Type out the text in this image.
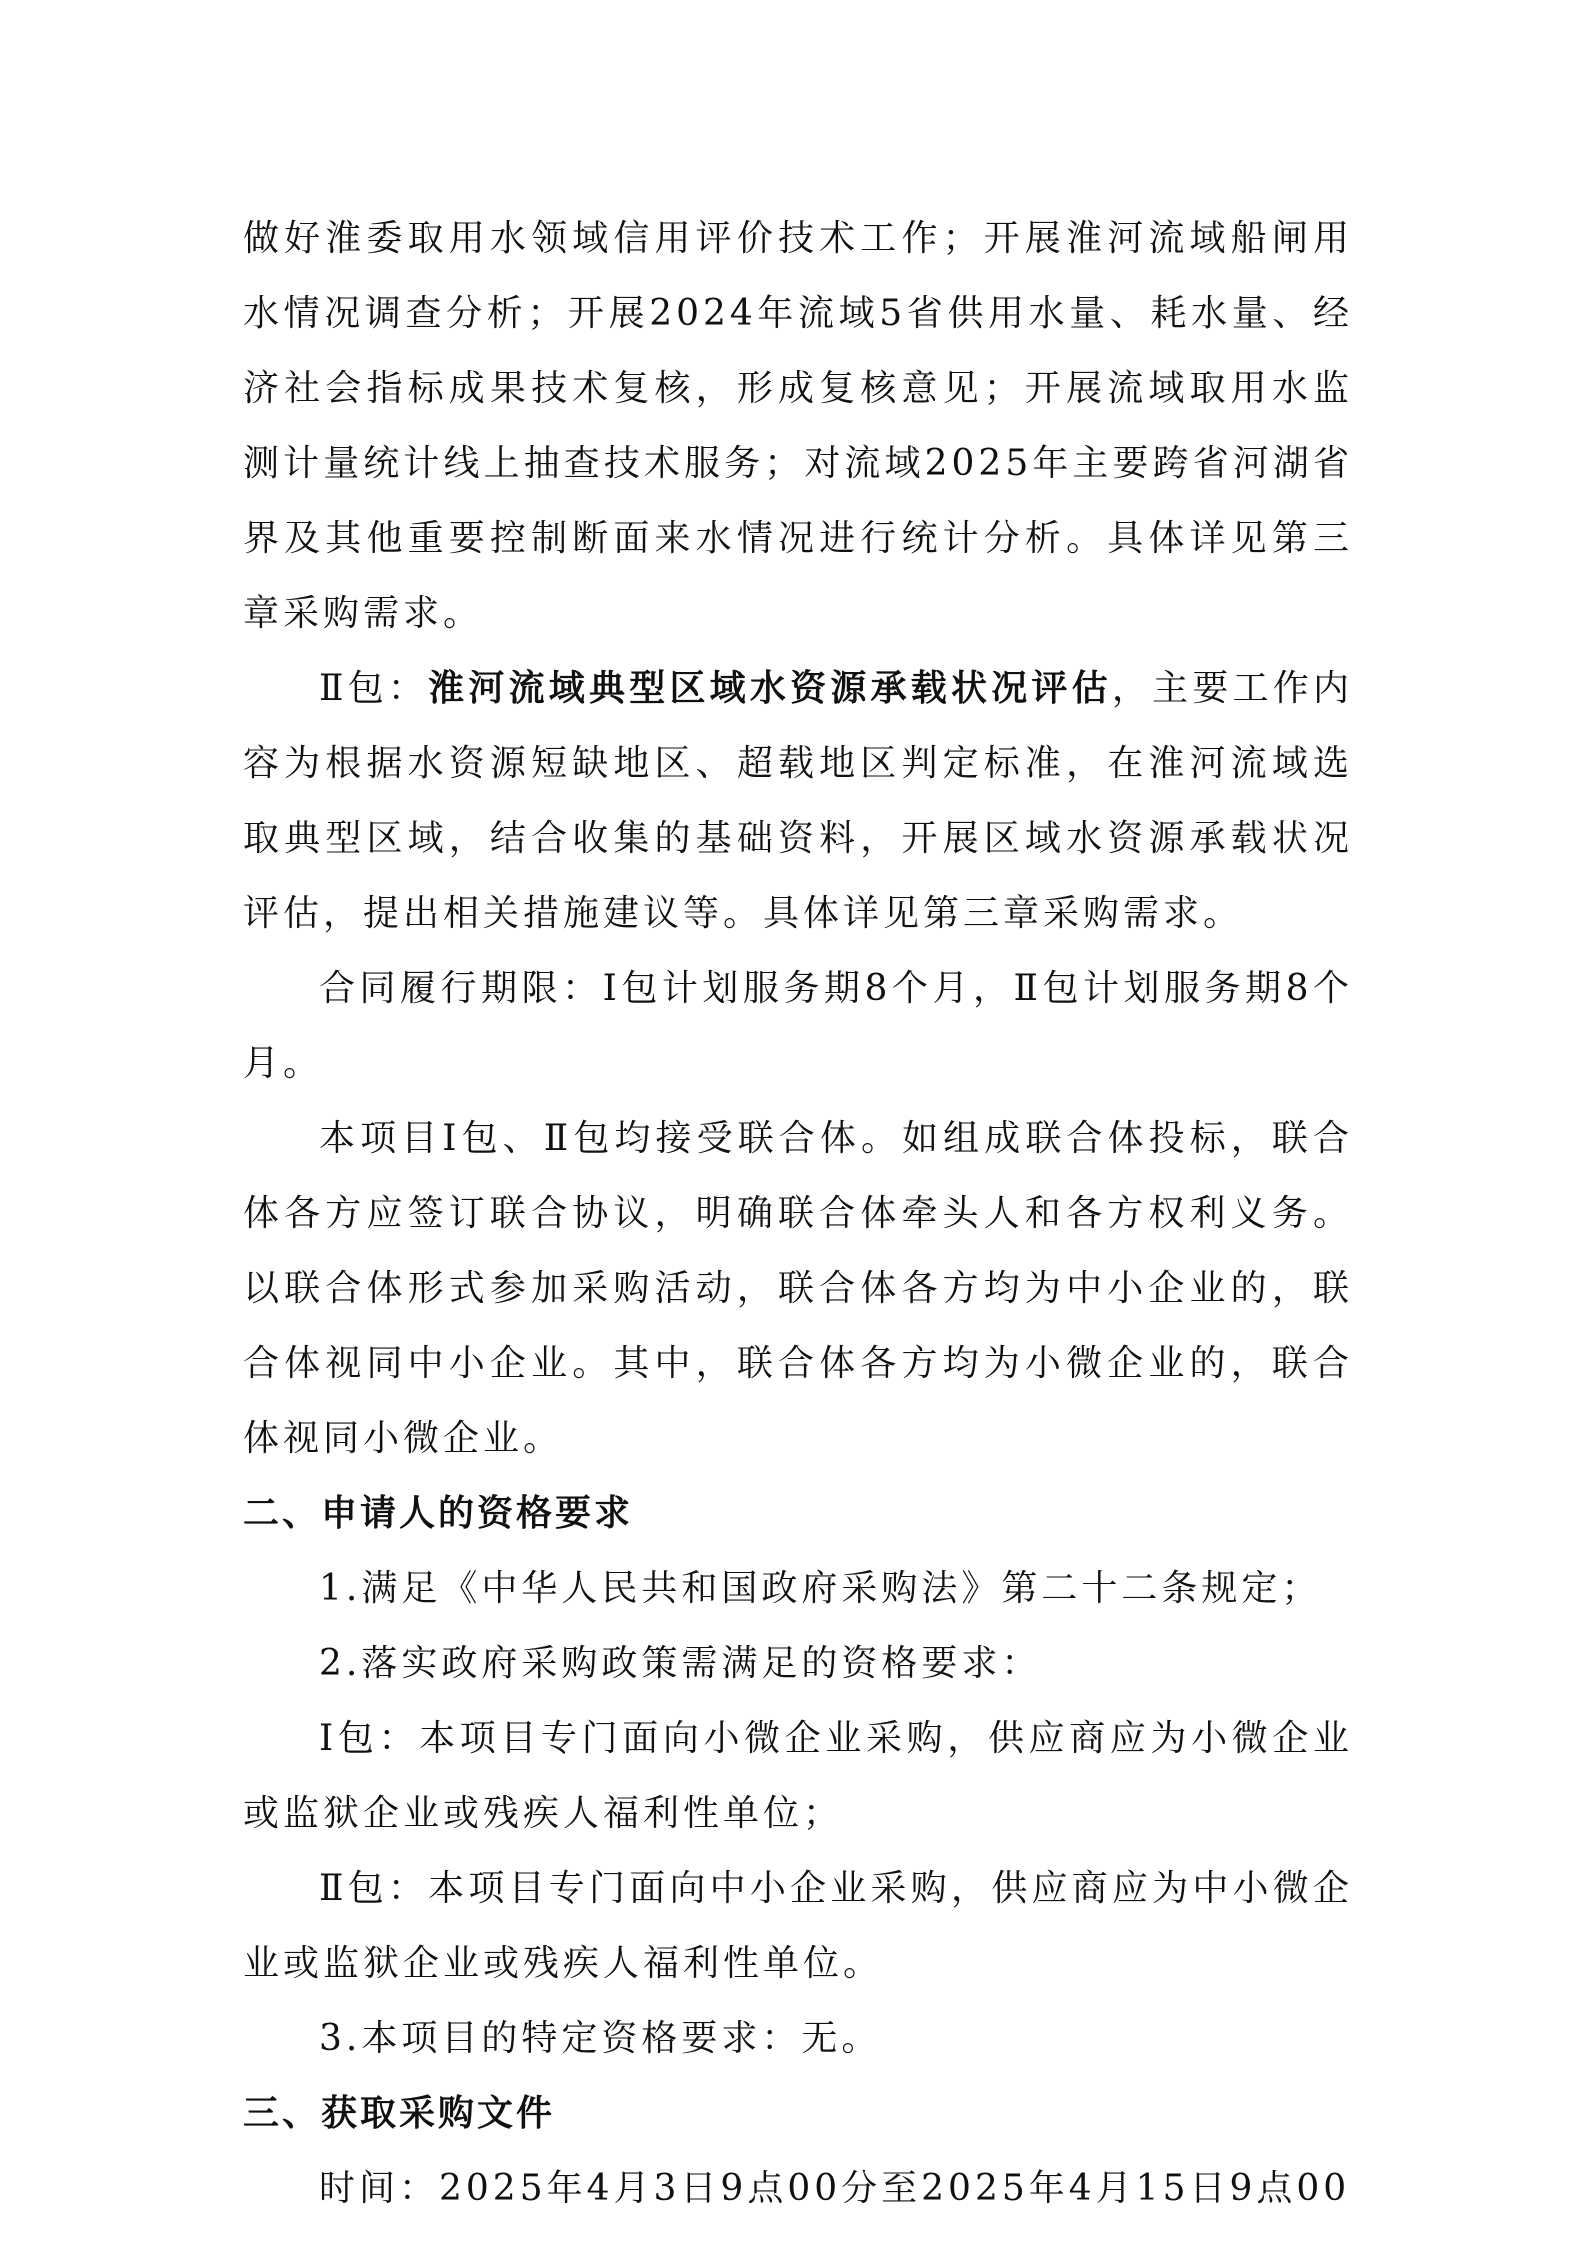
做好淮委取用水领域信用评价技术工作；开展淮河流域船闸用水情况调查分析；开展2024年流域5省供用水量、耗水量、经济社会指标成果技术复核，形成复核意见；开展流域取用水监测计量统计线上抽查技术服务；对流域2025年主要跨省河湖省界及其他重要控制断面来水情况进行统计分析。具体详见第三章采购需求。

Ⅱ包：淮河流域典型区域水资源承载状况评估，主要工作内容为根据水资源短缺地区、超载地区判定标准，在淮河流域选取典型区域，结合收集的基础资料，开展区域水资源承载状况评估，提出相关措施建议等。具体详见第三章采购需求。

合同履行期限：Ⅰ包计划服务期8个月，Ⅱ包计划服务期8个月。

本项目Ⅰ包、Ⅱ包均接受联合体。如组成联合体投标，联合体各方应签订联合协议，明确联合体牵头人和各方权利义务。以联合体形式参加采购活动，联合体各方均为中小企业的，联合体视同中小企业。其中，联合体各方均为小微企业的，联合体视同小微企业。

二、申请人的资格要求

1.满足《中华人民共和国政府采购法》第二十二条规定；

2.落实政府采购政策需满足的资格要求：

Ⅰ包：本项目专门面向小微企业采购，供应商应为小微企业或监狱企业或残疾人福利性单位；

Ⅱ包：本项目专门面向中小企业采购，供应商应为中小微企业或监狱企业或残疾人福利性单位。

3.本项目的特定资格要求：无。

三、获取采购文件

时间：2025年4月3日9点00分至2025年4月15日9点00
